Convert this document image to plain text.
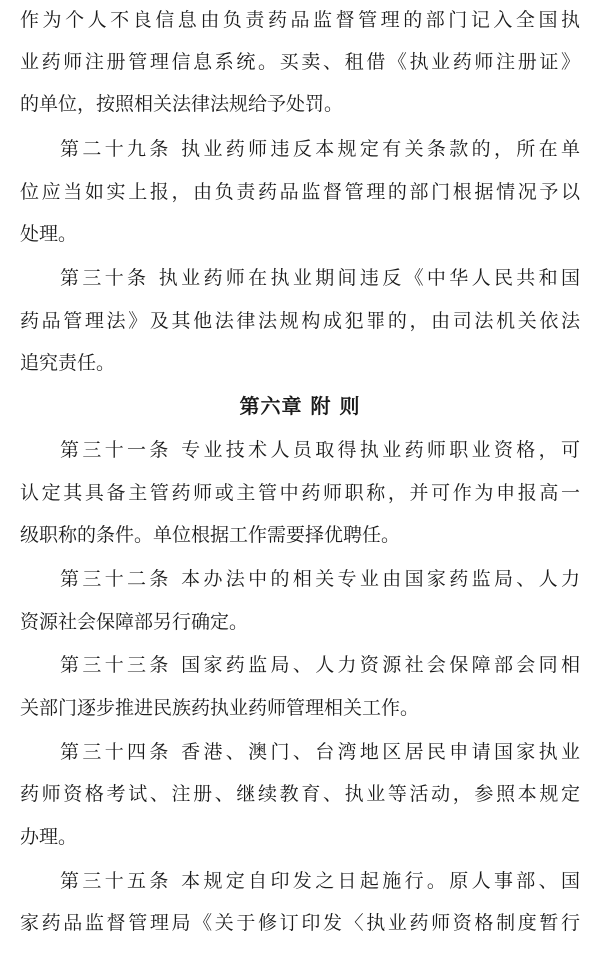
作为个人不良信息由负责药品监督管理的部门记入全国执
业药师注册管理信息系统。买卖、租借《执业药师注册证》
的单位，按照相关法律法规给予处罚。
第二十九条 执业药师违反本规定有关条款的，所在单
位应当如实上报，由负责药品监督管理的部门根据情况予以
处理。
第三十条 执业药师在执业期间违反《中华人民共和国
药品管理法》及其他法律法规构成犯罪的，由司法机关依法
追究责任。
第六章 附 则
第三十一条 专业技术人员取得执业药师职业资格，可
认定其具备主管药师或主管中药师职称，并可作为申报高一
级职称的条件。单位根据工作需要择优聘任。
第三十二条 本办法中的相关专业由国家药监局、人力
资源社会保障部另行确定。
第三十三条 国家药监局、人力资源社会保障部会同相
关部门逐步推进民族药执业药师管理相关工作。
第三十四条 香港、澳门、台湾地区居民申请国家执业
药师资格考试、注册、继续教育、执业等活动，参照本规定
办理。
第三十五条 本规定自印发之日起施行。原人事部、国
家药品监督管理局《关于修订印发〈执业药师资格制度暂行
